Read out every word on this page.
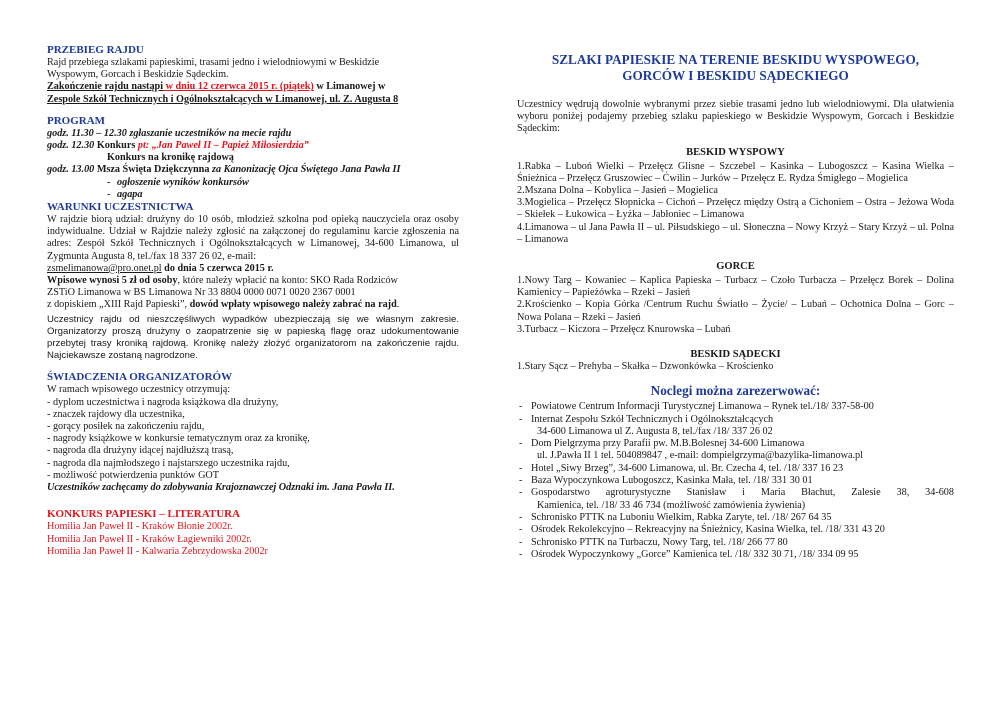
PRZEBIEG RAJDU
Rajd przebiega szlakami papieskimi, trasami jedno i wielodniowymi w Beskidzie
Wyspowym, Gorcach i Beskidzie Sądeckim.
Zakończenie rajdu nastąpi w dniu 12 czerwca 2015 r. (piątek) w Limanowej w
Zespole Szkół Technicznych i Ogólnokształcących w Limanowej, ul. Z. Augusta 8
PROGRAM
godz. 11.30 – 12.30 zgłaszanie uczestników na mecie rajdu
godz. 12.30 Konkurs pt: „Jan Paweł II – Papież Miłosierdzia”
Konkurs na kronikę rajdową
godz. 13.00 Msza Święta Dziękczynna za Kanonizację Ojca Świętego Jana Pawła II
- ogłoszenie wyników konkursów
- agapa
WARUNKI UCZESTNICTWA
W rajdzie biorą udział: drużyny do 10 osób, młodzież szkolna pod opieką nauczyciela oraz osoby indywidualne. Udział w Rajdzie należy zgłosić na załączonej do regulaminu karcie zgłoszenia na adres: Zespół Szkół Technicznych i Ogólnokształcących w Limanowej, 34-600 Limanowa, ul Zygmunta Augusta 8, tel./fax 18 337 26 02, e-mail:
zsmelimanowa@pro.onet.pl do dnia 5 czerwca 2015 r.
Wpisowe wynosi 5 zł od osoby, które należy wpłacić na konto: SKO Rada Rodziców
ZSTiO Limanowa w BS Limanowa Nr 33 8804 0000 0071 0020 2367 0001
z dopiskiem „XIII Rajd Papieski”, dowód wpłaty wpisowego należy zabrać na rajd.
Uczestnicy rajdu od nieszczęśliwych wypadków ubezpieczają się we własnym zakresie. Organizatorzy proszą drużyny o zaopatrzenie się w papieską flagę oraz udokumentowanie przebytej trasy kroniką rajdową. Kronikę należy złożyć organizatorom na zakończenie rajdu. Najciekawsze zostaną nagrodzone.
ŚWIADCZENIA ORGANIZATORÓW
W ramach wpisowego uczestnicy otrzymują:
- dyplom uczestnictwa i nagroda książkowa dla drużyny,
- znaczek rajdowy dla uczestnika,
- gorący posiłek na zakończeniu rajdu,
- nagrody książkowe w konkursie tematycznym oraz za kronikę,
- nagroda dla drużyny idącej najdłuższą trasą,
- nagroda dla najmłodszego i najstarszego uczestnika rajdu,
- możliwość potwierdzenia punktów GOT
Uczestników zachęcamy do zdobywania Krajoznawczej Odznaki im. Jana Pawła II.
KONKURS PAPIESKI – LITERATURA
Homilia Jan Paweł II - Kraków Błonie 2002r.
Homilia Jan Paweł II - Kraków Łagiewniki 2002r.
Homilia Jan Paweł II - Kalwaria Zebrzydowska 2002r
SZLAKI PAPIESKIE NA TERENIE BESKIDU WYSPOWEGO,
GORCÓW I BESKIDU SĄDECKIEGO
Uczestnicy wędrują dowolnie wybranymi przez siebie trasami jedno lub wielodniowymi. Dla ułatwienia wyboru poniżej podajemy przebieg szlaku papieskiego w Beskidzie Wyspowym, Gorcach i Beskidzie Sądeckim:
BESKID WYSPOWY
1.Rabka – Luboń Wielki – Przełęcz Glisne – Szczebel – Kasinka – Lubogoszcz – Kasina Wielka – Śnieżnica – Przełęcz Gruszowiec – Ćwilin – Jurków – Przełęcz E. Rydza Śmigłego – Mogielica
2.Mszana Dolna – Kobylica – Jasień – Mogielica
3.Mogielica – Przełęcz Słopnicka – Cichoń – Przełęcz między Ostrą a Cichoniem – Ostra – Jeżowa Woda – Skiełek – Łukowica – Łyżka – Jabłoniec – Limanowa
4.Limanowa – ul Jana Pawła II – ul. Piłsudskiego – ul. Słoneczna – Nowy Krzyż – Stary Krzyż – ul. Polna – Limanowa
GORCE
1.Nowy Targ – Kowaniec – Kaplica Papieska – Turbacz – Czoło Turbacza – Przełęcz Borek – Dolina Kamienicy – Papieżówka – Rzeki – Jasień
2.Krościenko – Kopia Górka /Centrum Ruchu Światło – Życie/ – Lubań – Ochotnica Dolna – Gorc – Nowa Polana – Rzeki – Jasień
3.Turbacz – Kiczora – Przełęcz Knurowska – Lubań
BESKID SĄDECKI
1.Stary Sącz – Prehyba – Skałka – Dzwonkówka – Krościenko
Noclegi można zarezerwować:
- Powiatowe Centrum Informacji Turystycznej Limanowa – Rynek tel./18/ 337-58-00
- Internat Zespołu Szkół Technicznych i Ogólnokształcących
34-600 Limanowa ul Z. Augusta 8, tel./fax /18/ 337 26 02
- Dom Pielgrzyma przy Parafii pw. M.B.Bolesnej 34-600 Limanowa
ul. J.Pawła II 1 tel. 504089847 , e-mail: dompielgrzyma@bazylika-limanowa.pl
- Hotel „Siwy Brzeg”, 34-600 Limanowa, ul. Br. Czecha 4, tel. /18/ 337 16 23
- Baza Wypoczynkowa Lubogoszcz, Kasinka Mała, tel. /18/ 331 30 01
- Gospodarstwo agroturystyczne Stanisław i Maria Błachut, Zalesie 38, 34-608
Kamienica, tel. /18/ 33 46 734 (możliwość zamówienia żywienia)
- Schronisko PTTK na Luboniu Wielkim, Rabka Zaryte, tel. /18/ 267 64 35
- Ośrodek Rekolekcyjno – Rekreacyjny na Śnieżnicy, Kasina Wielka, tel. /18/ 331 43 20
- Schronisko PTTK na Turbaczu, Nowy Targ, tel. /18/ 266 77 80
- Ośrodek Wypoczynkowy „Gorce” Kamienica tel. /18/ 332 30 71, /18/ 334 09 95
